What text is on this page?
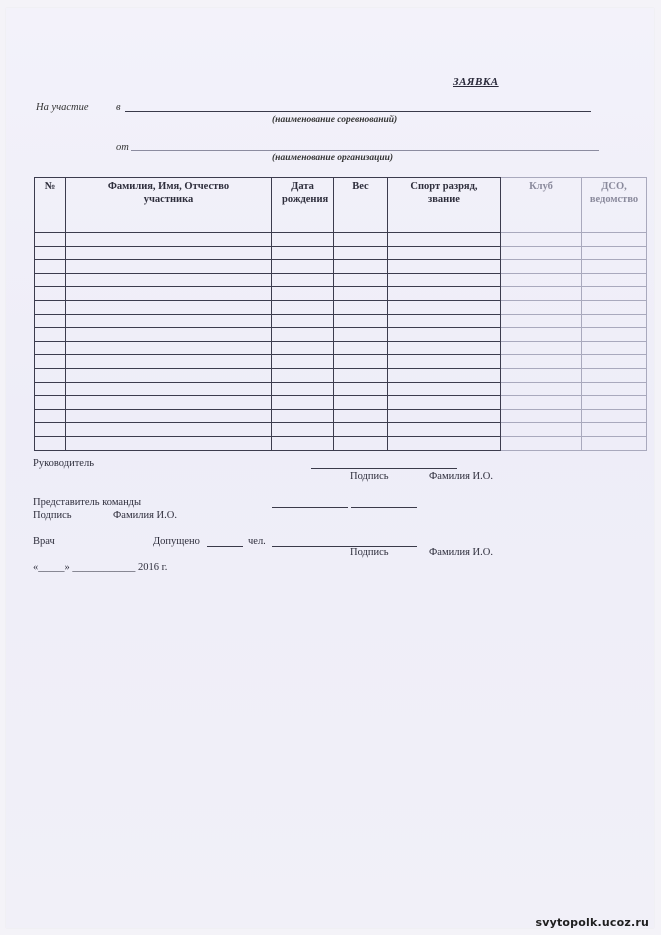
ЗАЯВКА
На участие	в
(наименование соревнований)
от
(наименование организации)
№	Фамилия, Имя, Отчество участника	Дата рождения	Вес	Спорт разряд, звание	Клуб	ДСО, ведомство

Руководитель
Подпись	Фамилия И.О.
Представитель команды
Подпись	Фамилия И.О.
Врач	Допущено	чел.
Подпись	Фамилия И.О.
«_____» ____________ 2016 г.
svytopolk.ucoz.ru
